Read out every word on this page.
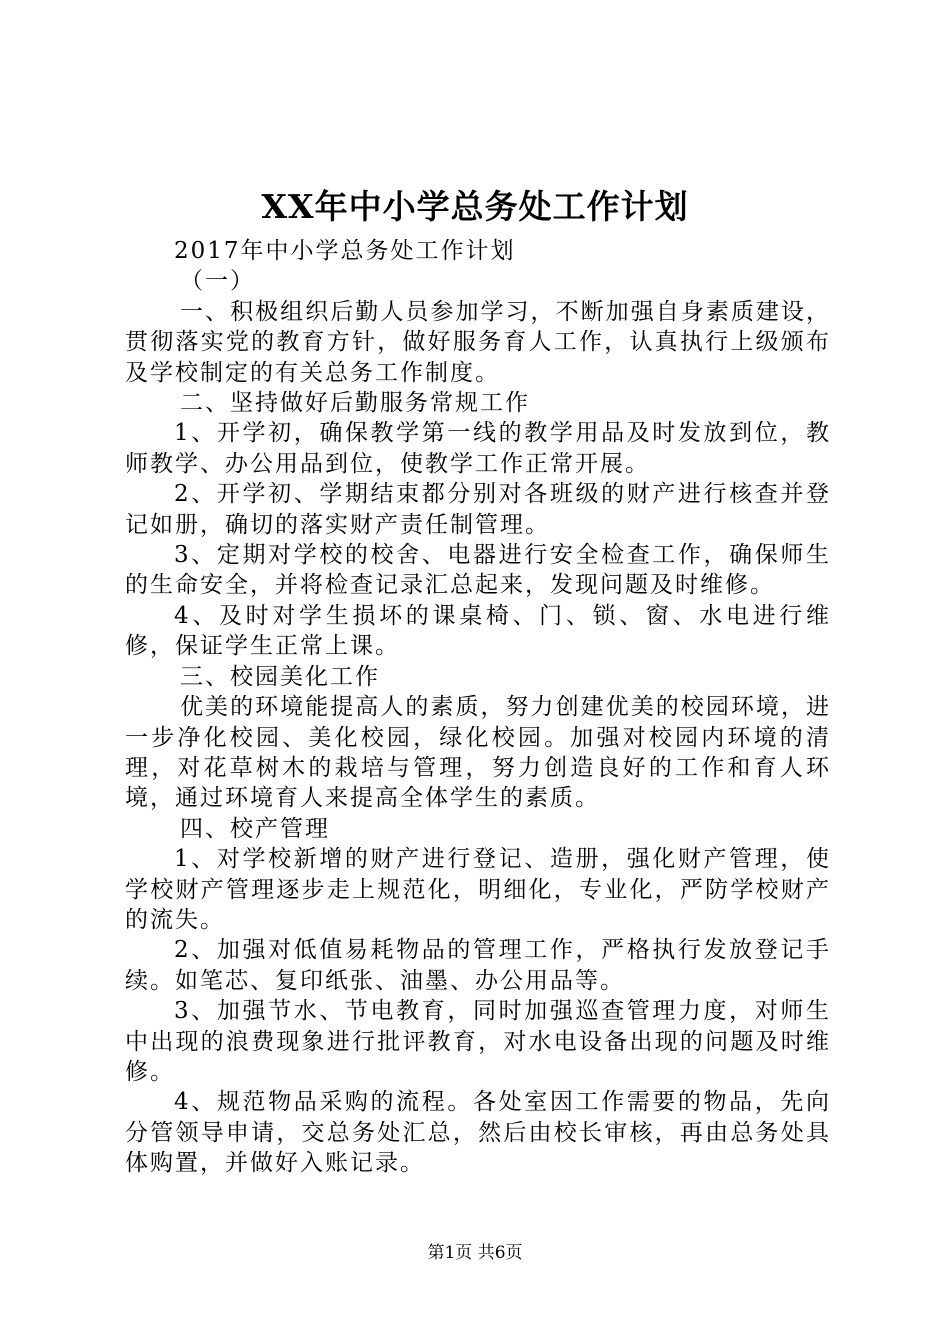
XX年中小学总务处工作计划

2017年中小学总务处工作计划

（一）

一、积极组织后勤人员参加学习，不断加强自身素质建设，贯彻落实党的教育方针，做好服务育人工作，认真执行上级颁布及学校制定的有关总务工作制度。

二、坚持做好后勤服务常规工作

1、开学初，确保教学第一线的教学用品及时发放到位，教师教学、办公用品到位，使教学工作正常开展。

2、开学初、学期结束都分别对各班级的财产进行核查并登记如册，确切的落实财产责任制管理。

3、定期对学校的校舍、电器进行安全检查工作，确保师生的生命安全，并将检查记录汇总起来，发现问题及时维修。

4、及时对学生损坏的课桌椅、门、锁、窗、水电进行维修，保证学生正常上课。

三、校园美化工作

优美的环境能提高人的素质，努力创建优美的校园环境，进一步净化校园、美化校园，绿化校园。加强对校园内环境的清理，对花草树木的栽培与管理，努力创造良好的工作和育人环境，通过环境育人来提高全体学生的素质。

四、校产管理

1、对学校新增的财产进行登记、造册，强化财产管理，使学校财产管理逐步走上规范化，明细化，专业化，严防学校财产的流失。

2、加强对低值易耗物品的管理工作，严格执行发放登记手续。如笔芯、复印纸张、油墨、办公用品等。

3、加强节水、节电教育，同时加强巡查管理力度，对师生中出现的浪费现象进行批评教育，对水电设备出现的问题及时维修。

4、规范物品采购的流程。各处室因工作需要的物品，先向分管领导申请，交总务处汇总，然后由校长审核，再由总务处具体购置，并做好入账记录。

第1页 共6页
